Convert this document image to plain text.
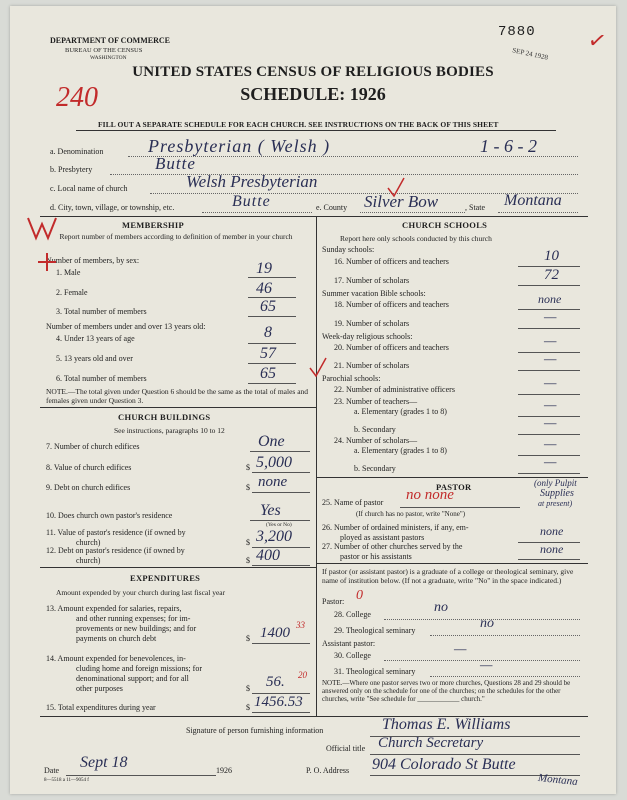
DEPARTMENT OF COMMERCE
BUREAU OF THE CENSUS
WASHINGTON
7880
SEP 24 1928 ✓
UNITED STATES CENSUS OF RELIGIOUS BODIES
SCHEDULE: 1926
240
FILL OUT A SEPARATE SCHEDULE FOR EACH CHURCH. SEE INSTRUCTIONS ON THE BACK OF THIS SHEET
a. Denomination Presbyterian ( Welsh )	1 - 6 - 2
b. Presbytery	Butte
c. Local name of church	Welsh Presbyterian
d. City, town, village, or township, etc.	Butte	e. County Silver Bow	, State Montana
MEMBERSHIP
Report number of members according to definition of member in your church
Number of members, by sex:
1. Male	19
2. Female	46
3. Total number of members	65
Number of members under and over 13 years old:
4. Under 13 years of age	8
5. 13 years old and over	57
6. Total number of members	65
NOTE.—The total given under Question 6 should be the same as the total of males and females given under Question 3.
CHURCH BUILDINGS
See instructions, paragraphs 10 to 12
7. Number of church edifices	One
8. Value of church edifices	$ 5,000
9. Debt on church edifices	$ none
10. Does church own pastor's residence	Yes
(Yes or No)
11. Value of pastor's residence (if owned by
church)	$ 3,200
12. Debt on pastor's residence (if owned by
church)	$ 400
EXPENDITURES
Amount expended by your church during last fiscal year
13. Amount expended for salaries, repairs,
and other running expenses; for im-
provements or new buildings; and for
payments on church debt	$ 1400 33
14. Amount expended for benevolences, in-
cluding home and foreign missions; for
denominational support; and for all
other purposes	$ 56. 20
15. Total expenditures during year	$ 1456.53
CHURCH SCHOOLS
Report here only schools conducted by this church
Sunday schools:
16. Number of officers and teachers	10
17. Number of scholars	72
Summer vacation Bible schools:
18. Number of officers and teachers	none
19. Number of scholars	—
Week-day religious schools:
20. Number of officers and teachers	—
21. Number of scholars	—
Parochial schools:
22. Number of administrative officers	—
23. Number of teachers—
a. Elementary (grades 1 to 8)	—
b. Secondary	—
24. Number of scholars—
a. Elementary (grades 1 to 8)	—
b. Secondary	—
PASTOR
25. Name of pastor no none
(If church has no pastor, write "None")
(only Pulpit
Supplies
at present)
26. Number of ordained ministers, if any, em-
ployed as assistant pastors	none
27. Number of other churches served by the
pastor or his assistants
none
If pastor (or assistant pastor) is a graduate of a college or theological seminary, give name of institution below. (If not a graduate, write "No" in the space indicated.)
Pastor: 0
28. College	no
29. Theological seminary	no
Assistant pastor:
30. College	—
31. Theological seminary	—
NOTE.—Where one pastor serves two or more churches, Questions 28 and 29 should be answered only on the schedule for one of the churches; on the schedules for the other churches, write "See schedule for ____________ church."
Signature of person furnishing information	Thomas E. Williams
Official title Church Secretary
Date Sept 18	1926	P. O. Address 904 Colorado St Butte
Montana
8—5518 a 11—9054 f
